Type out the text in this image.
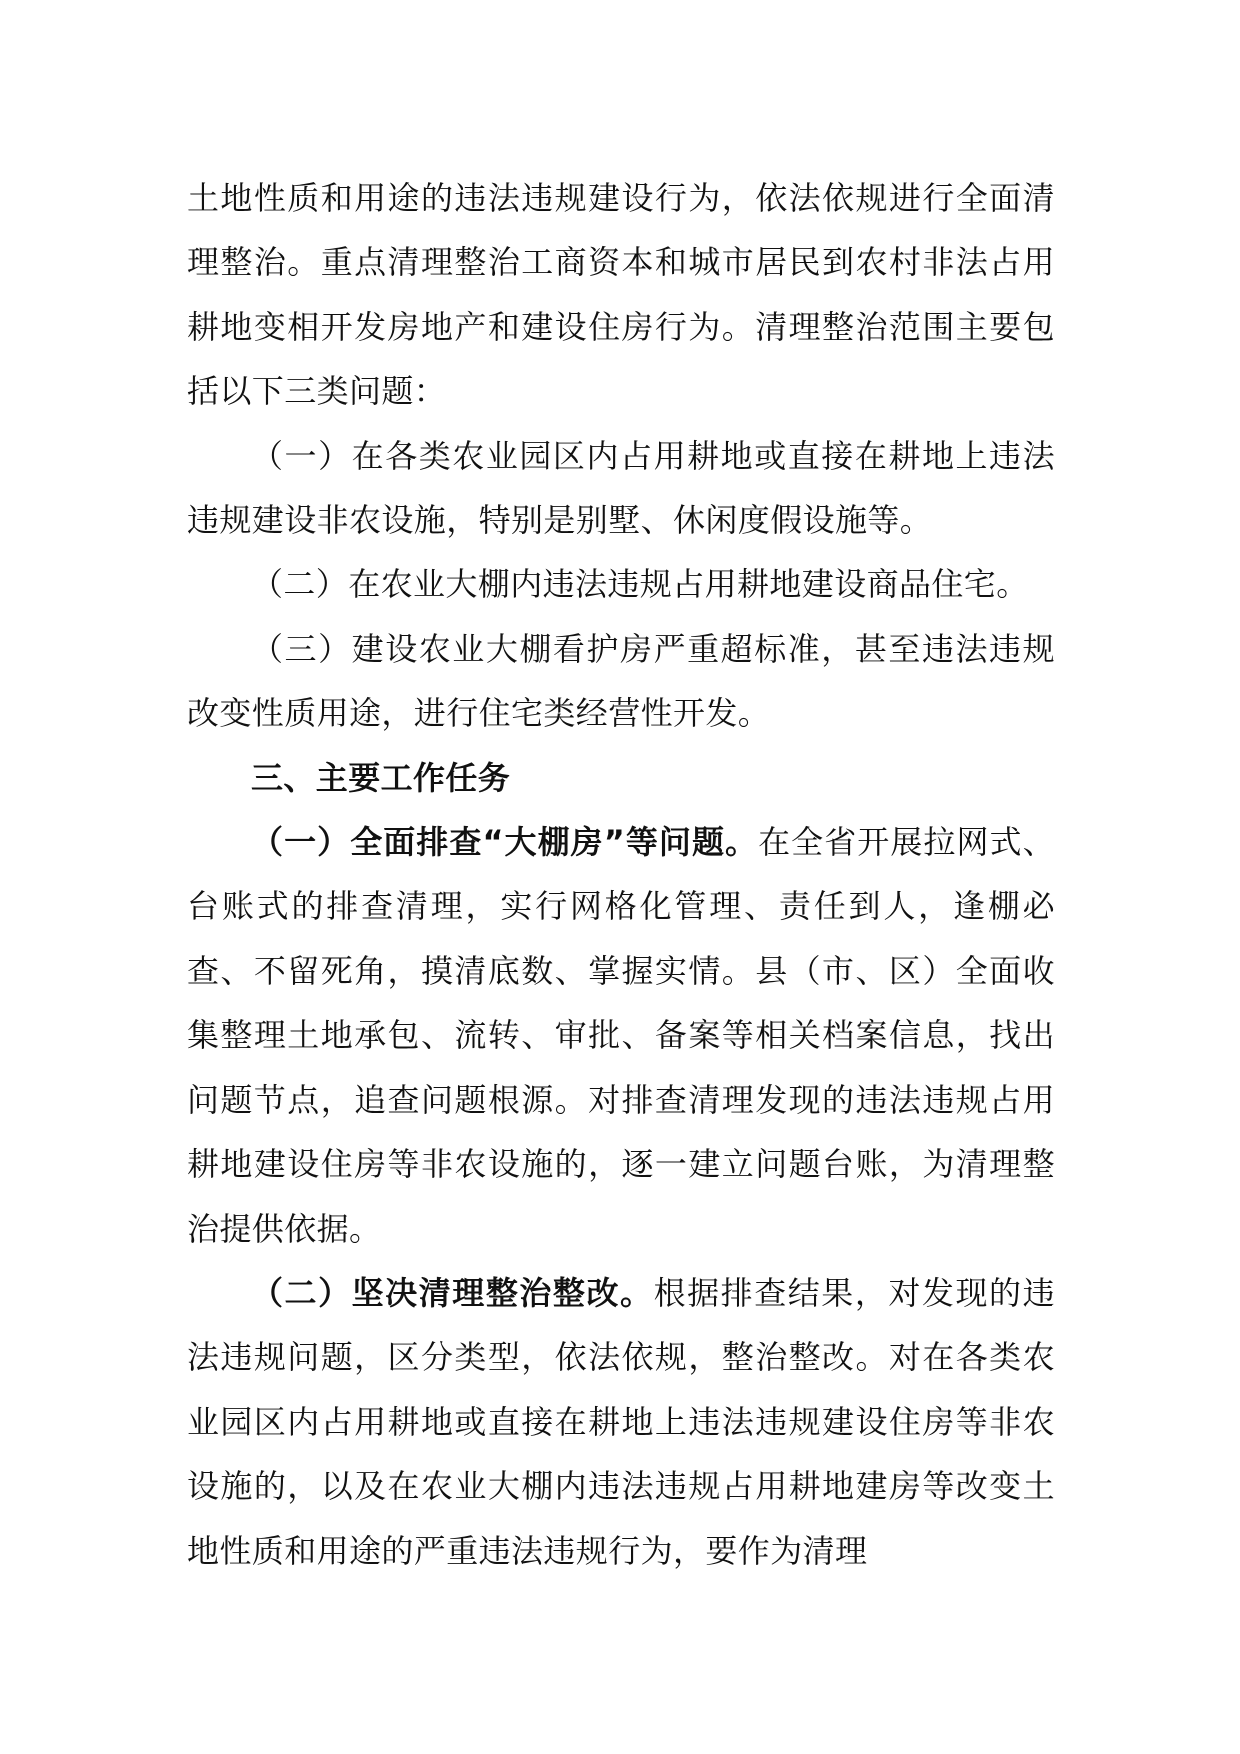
土地性质和用途的违法违规建设行为，依法依规进行全面清理整治。重点清理整治工商资本和城市居民到农村非法占用耕地变相开发房地产和建设住房行为。清理整治范围主要包括以下三类问题：

（一）在各类农业园区内占用耕地或直接在耕地上违法违规建设非农设施，特别是别墅、休闲度假设施等。

（二）在农业大棚内违法违规占用耕地建设商品住宅。

（三）建设农业大棚看护房严重超标准，甚至违法违规改变性质用途，进行住宅类经营性开发。

三、主要工作任务

（一）全面排查“大棚房”等问题。在全省开展拉网式、台账式的排查清理，实行网格化管理、责任到人，逢棚必查、不留死角，摸清底数、掌握实情。县（市、区）全面收集整理土地承包、流转、审批、备案等相关档案信息，找出问题节点，追查问题根源。对排查清理发现的违法违规占用耕地建设住房等非农设施的，逐一建立问题台账，为清理整治提供依据。

（二）坚决清理整治整改。根据排查结果，对发现的违法违规问题，区分类型，依法依规，整治整改。对在各类农业园区内占用耕地或直接在耕地上违法违规建设住房等非农设施的，以及在农业大棚内违法违规占用耕地建房等改变土地性质和用途的严重违法违规行为，要作为清理
